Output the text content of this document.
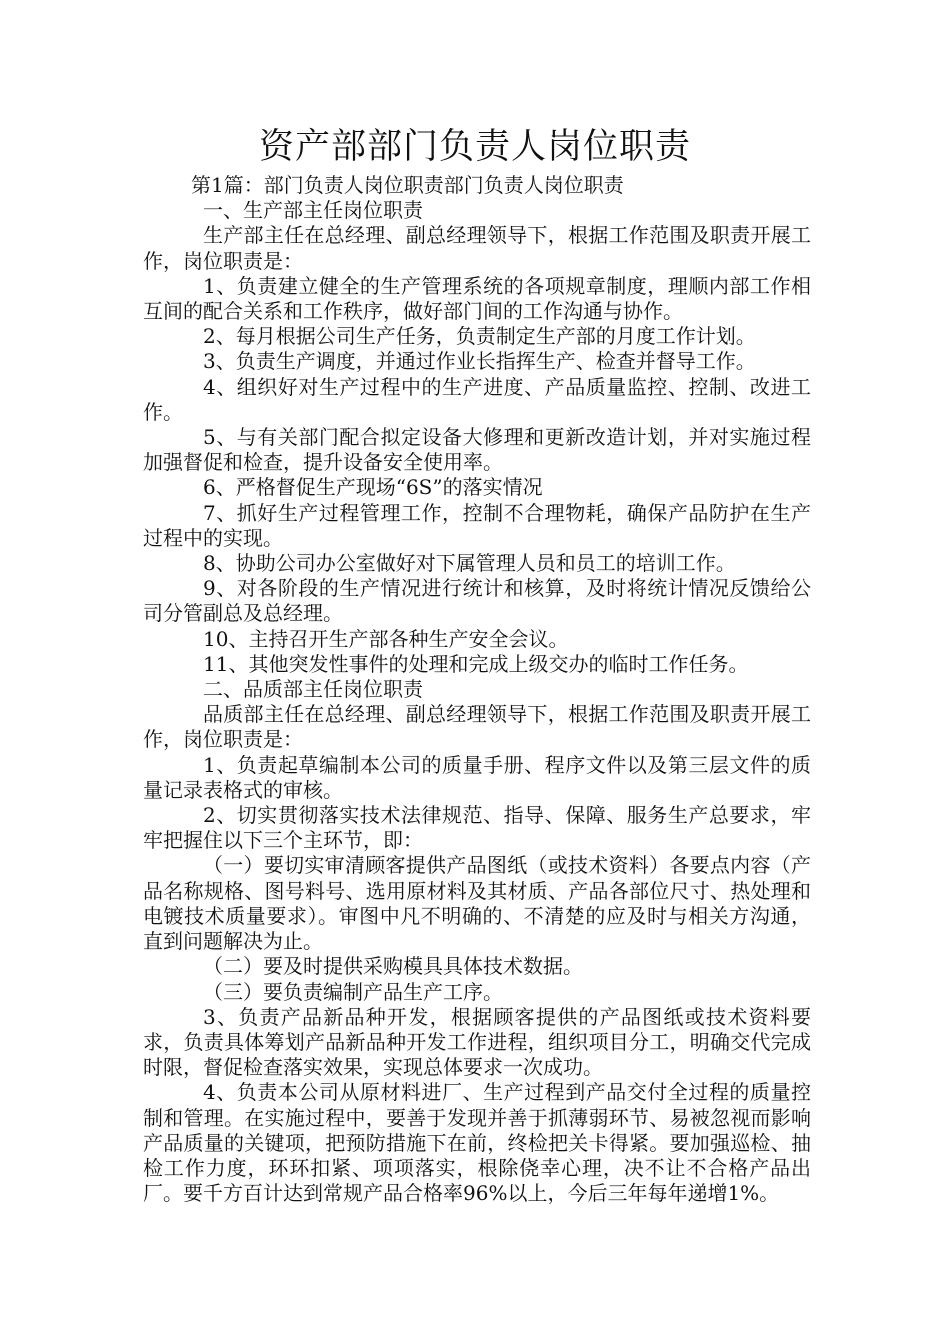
资产部部门负责人岗位职责

第1篇：部门负责人岗位职责部门负责人岗位职责

一、生产部主任岗位职责

生产部主任在总经理、副总经理领导下，根据工作范围及职责开展工作，岗位职责是：

1、负责建立健全的生产管理系统的各项规章制度，理顺内部工作相互间的配合关系和工作秩序，做好部门间的工作沟通与协作。

2、每月根据公司生产任务，负责制定生产部的月度工作计划。

3、负责生产调度，并通过作业长指挥生产、检查并督导工作。

4、组织好对生产过程中的生产进度、产品质量监控、控制、改进工作。

5、与有关部门配合拟定设备大修理和更新改造计划，并对实施过程加强督促和检查，提升设备安全使用率。

6、严格督促生产现场“6S”的落实情况

7、抓好生产过程管理工作，控制不合理物耗，确保产品防护在生产过程中的实现。

8、协助公司办公室做好对下属管理人员和员工的培训工作。

9、对各阶段的生产情况进行统计和核算，及时将统计情况反馈给公司分管副总及总经理。

10、主持召开生产部各种生产安全会议。

11、其他突发性事件的处理和完成上级交办的临时工作任务。

二、品质部主任岗位职责

品质部主任在总经理、副总经理领导下，根据工作范围及职责开展工作，岗位职责是：

1、负责起草编制本公司的质量手册、程序文件以及第三层文件的质量记录表格式的审核。

2、切实贯彻落实技术法律规范、指导、保障、服务生产总要求，牢牢把握住以下三个主环节，即：

（一）要切实审清顾客提供产品图纸（或技术资料）各要点内容（产品名称规格、图号料号、选用原材料及其材质、产品各部位尺寸、热处理和电镀技术质量要求）。审图中凡不明确的、不清楚的应及时与相关方沟通，直到问题解决为止。

（二）要及时提供采购模具具体技术数据。

（三）要负责编制产品生产工序。

3、负责产品新品种开发，根据顾客提供的产品图纸或技术资料要求，负责具体筹划产品新品种开发工作进程，组织项目分工，明确交代完成时限，督促检查落实效果，实现总体要求一次成功。

4、负责本公司从原材料进厂、生产过程到产品交付全过程的质量控制和管理。在实施过程中，要善于发现并善于抓薄弱环节、易被忽视而影响产品质量的关键项，把预防措施下在前，终检把关卡得紧。要加强巡检、抽检工作力度，环环扣紧、项项落实，根除侥幸心理，决不让不合格产品出厂。要千方百计达到常规产品合格率96%以上，今后三年每年递增1%。
